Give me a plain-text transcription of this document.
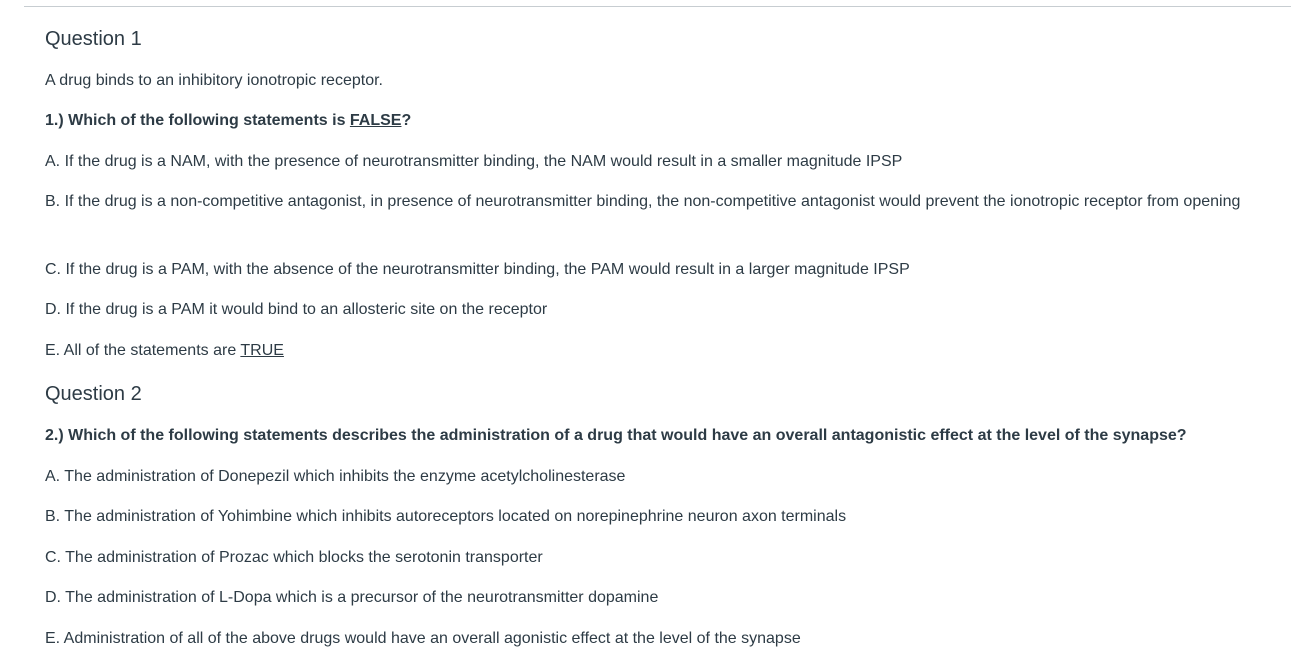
Question 1

A drug binds to an inhibitory ionotropic receptor.

1.) Which of the following statements is FALSE?

A. If the drug is a NAM, with the presence of neurotransmitter binding, the NAM would result in a smaller magnitude IPSP

B. If the drug is a non-competitive antagonist, in presence of neurotransmitter binding, the non-competitive antagonist would prevent the ionotropic receptor from opening

C. If the drug is a PAM, with the absence of the neurotransmitter binding, the PAM would result in a larger magnitude IPSP

D. If the drug is a PAM it would bind to an allosteric site on the receptor

E. All of the statements are TRUE

Question 2

2.) Which of the following statements describes the administration of a drug that would have an overall antagonistic effect at the level of the synapse?

A. The administration of Donepezil which inhibits the enzyme acetylcholinesterase

B. The administration of Yohimbine which inhibits autoreceptors located on norepinephrine neuron axon terminals

C. The administration of Prozac which blocks the serotonin transporter

D. The administration of L-Dopa which is a precursor of the neurotransmitter dopamine

E. Administration of all of the above drugs would have an overall agonistic effect at the level of the synapse
